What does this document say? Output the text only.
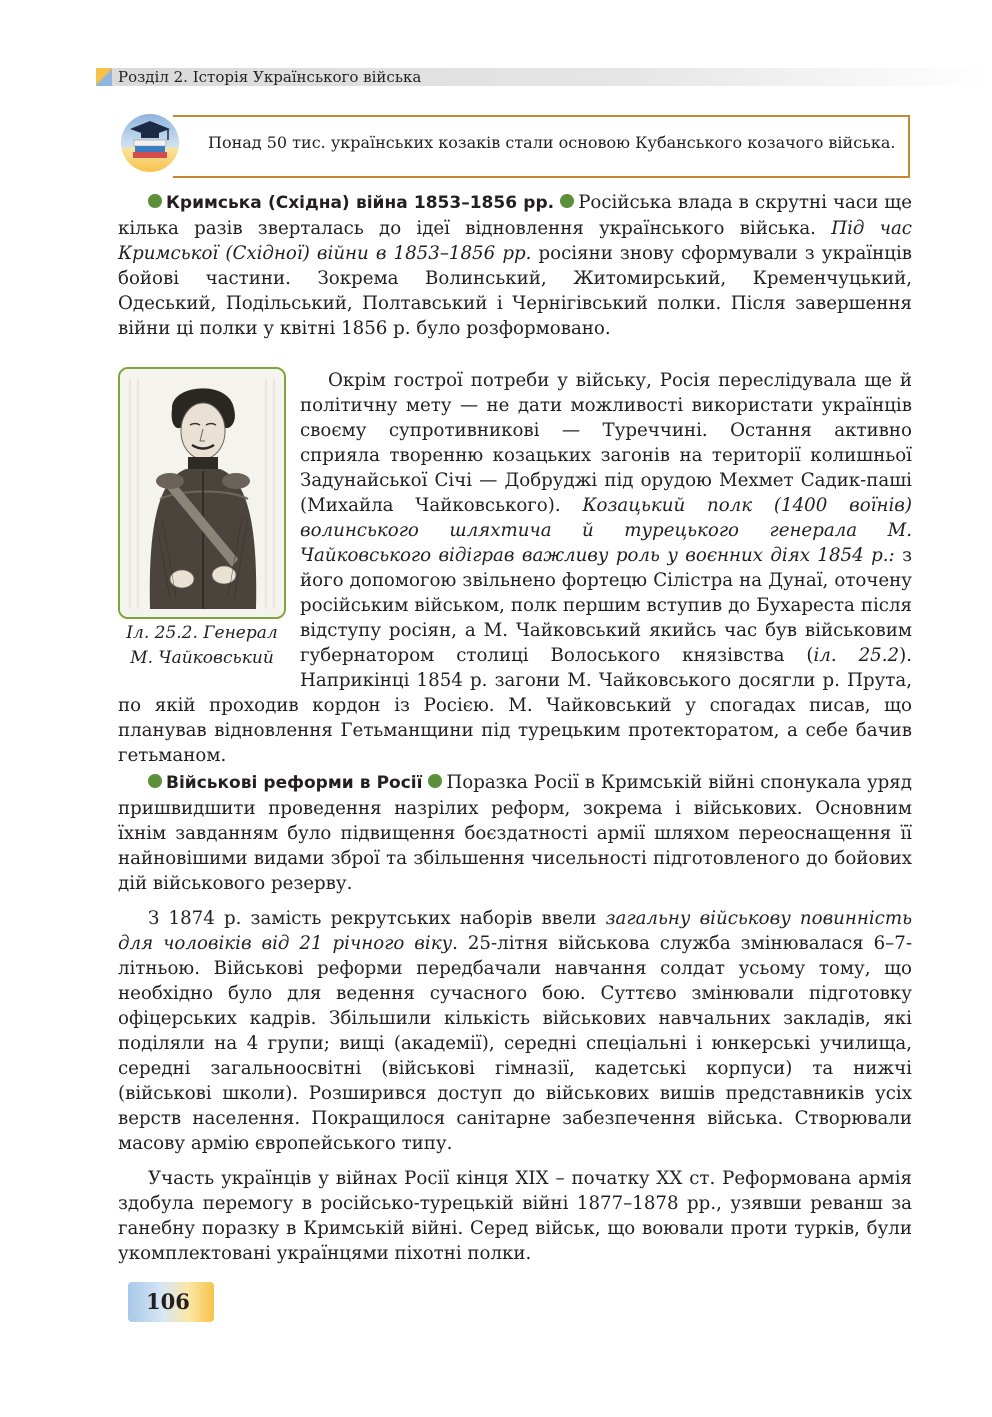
Розділ 2. Історія Українського війська
Понад 50 тис. українських козаків стали основою Кубанського козачого війська.

Кримська (Східна) війна 1853–1856 рр. Російська влада в скрутні часи ще кілька разів зверталась до ідеї відновлення українського війська. Під час Кримської (Східної) війни в 1853–1856 рр. росіяни знову сформували з українців бойові частини. Зокрема Волинський, Житомирський, Кременчуцький, Одеський, Подільський, Полтавський і Чернігівський полки. Після завершення війни ці полки у квітні 1856 р. було розформовано.

Іл. 25.2. Генерал
М. Чайковський

Окрім гострої потреби у війську, Росія переслідувала ще й політичну мету — не дати можливості використати українців своєму супротивникові — Туреччині. Остання активно сприяла творенню козацьких загонів на території колишньої Задунайської Січі — Добруджі під орудою Мехмет Садик-паші (Михайла Чайковського). Козацький полк (1400 воїнів) волинського шляхтича й турецького генерала М. Чайковського відіграв важливу роль у воєнних діях 1854 р.: з його допомогою звільнено фортецю Сілістра на Дунаї, оточену російським військом, полк першим вступив до Бухареста після відступу росіян, а М. Чайковський якийсь час був військовим губернатором столиці Волоського князівства (іл. 25.2). Наприкінці 1854 р. загони М. Чайковського досягли р. Прута, по якій проходив кордон із Росією. М. Чайковський у спогадах писав, що планував відновлення Гетьманщини під турецьким протекторатом, а себе бачив гетьманом.

Військові реформи в Росії Поразка Росії в Кримській війні спонукала уряд пришвидшити проведення назрілих реформ, зокрема і військових. Основним їхнім завданням було підвищення боєздатності армії шляхом переоснащення її найновішими видами зброї та збільшення чисельності підготовленого до бойових дій військового резерву.

З 1874 р. замість рекрутських наборів ввели загальну військову повинність для чоловіків від 21 річного віку. 25-літня військова служба змінювалася 6–7-літньою. Військові реформи передбачали навчання солдат усьому тому, що необхідно було для ведення сучасного бою. Суттєво змінювали підготовку офіцерських кадрів. Збільшили кількість військових навчальних закладів, які поділяли на 4 групи; вищі (академії), середні спеціальні і юнкерські училища, середні загальноосвітні (військові гімназії, кадетські корпуси) та нижчі (військові школи). Розширився доступ до військових вишів представників усіх верств населення. Покращилося санітарне забезпечення війська. Створювали масову армію європейського типу.

Участь українців у війнах Росії кінця XIX – початку XX ст. Реформована армія здобула перемогу в російсько-турецькій війні 1877–1878 рр., узявши реванш за ганебну поразку в Кримській війні. Серед військ, що воювали проти турків, були укомплектовані українцями піхотні полки.

106
